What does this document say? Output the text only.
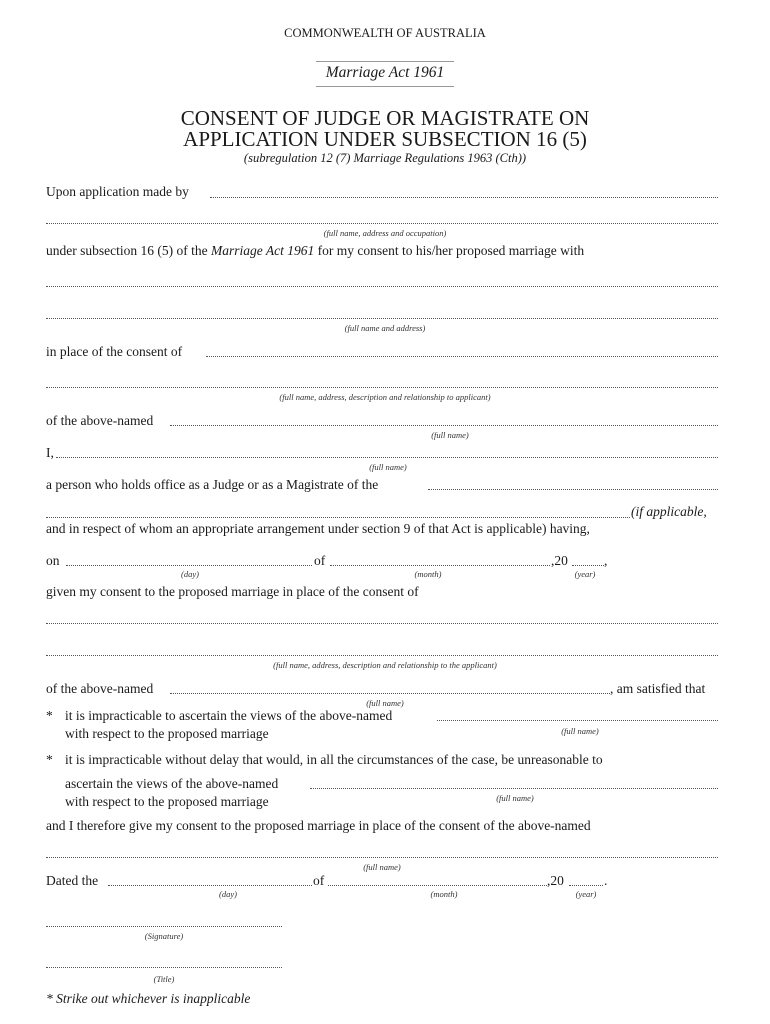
COMMONWEALTH OF AUSTRALIA
Marriage Act 1961
CONSENT OF JUDGE OR MAGISTRATE ON
APPLICATION UNDER SUBSECTION 16 (5)
(subregulation 12 (7) Marriage Regulations 1963 (Cth))
Upon application made by
(full name, address and occupation)
under subsection 16 (5) of the Marriage Act 1961 for my consent to his/her proposed marriage with
(full name and address)
in place of the consent of
(full name, address, description and relationship to applicant)
of the above-named
(full name)
I,
(full name)
a person who holds office as a Judge or as a Magistrate of the
(if applicable,
and in respect of whom an appropriate arrangement under section 9 of that Act is applicable) having,
on	of	,20	,
(day)	(month)	(year)
given my consent to the proposed marriage in place of the consent of
(full name, address, description and relationship to the applicant)
of the above-named	, am satisfied that
(full name)
* it is impracticable to ascertain the views of the above-named
with respect to the proposed marriage	(full name)
* it is impracticable without delay that would, in all the circumstances of the case, be unreasonable to
ascertain the views of the above-named
with respect to the proposed marriage	(full name)
and I therefore give my consent to the proposed marriage in place of the consent of the above-named
(full name)
Dated the	of	,20	.
(day)	(month)	(year)
(Signature)
(Title)
* Strike out whichever is inapplicable
